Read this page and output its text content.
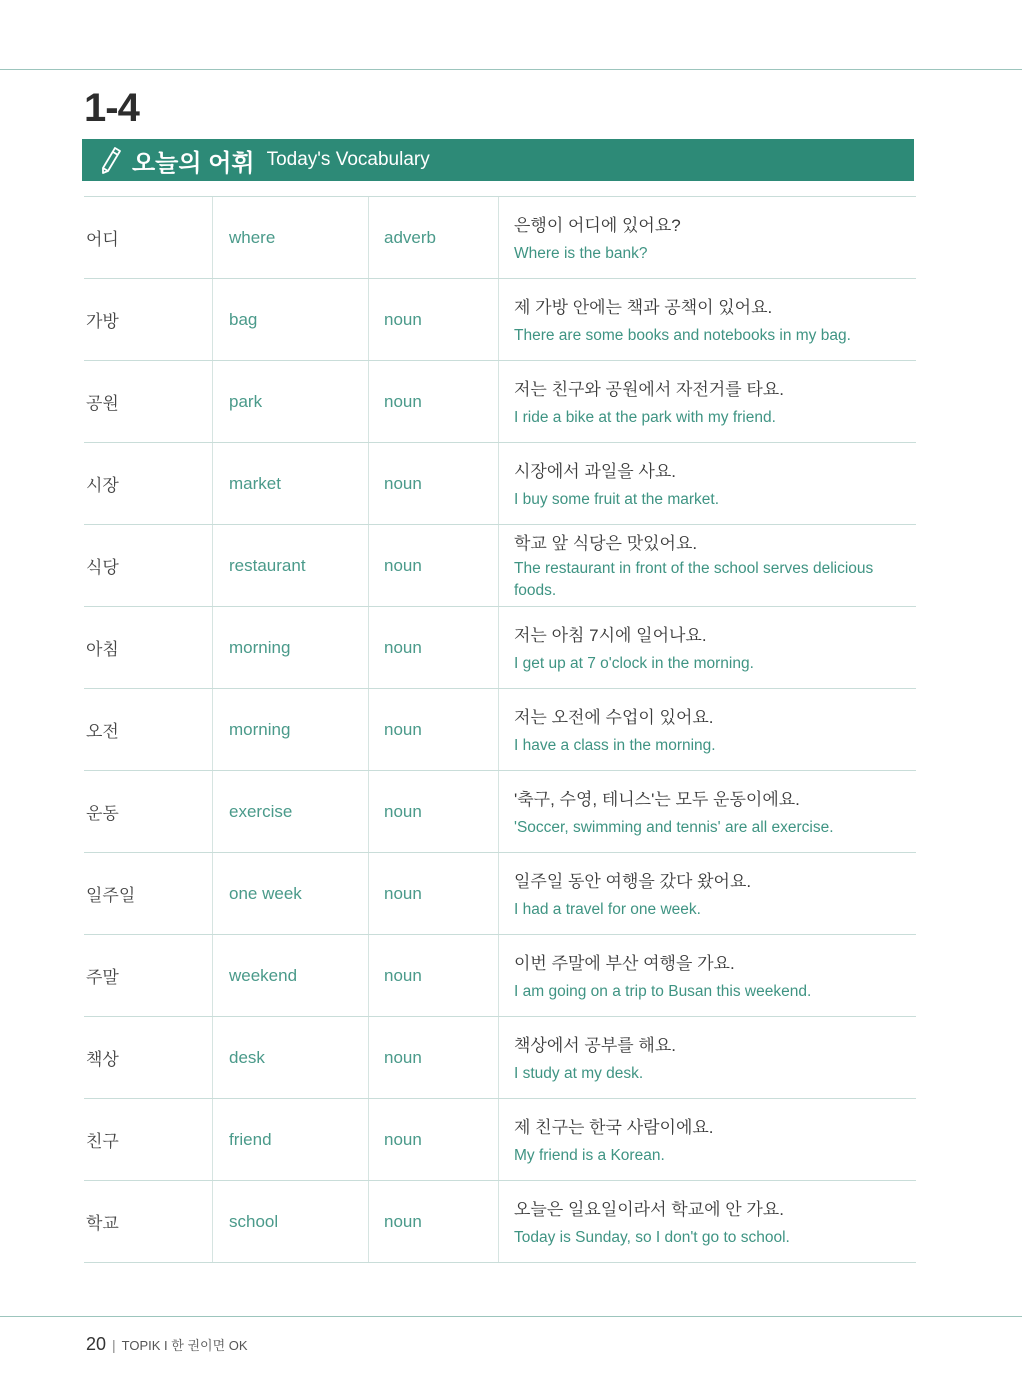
1-4
오늘의 어휘 Today's Vocabulary
어디	where	adverb
은행이 어디에 있어요?
Where is the bank?
가방	bag	noun
제 가방 안에는 책과 공책이 있어요.
There are some books and notebooks in my bag.
공원	park	noun
저는 친구와 공원에서 자전거를 타요.
I ride a bike at the park with my friend.
시장	market	noun
시장에서 과일을 사요.
I buy some fruit at the market.
식당	restaurant	noun
학교 앞 식당은 맛있어요.
The restaurant in front of the school serves delicious foods.
아침	morning	noun
저는 아침 7시에 일어나요.
I get up at 7 o'clock in the morning.
오전	morning	noun
저는 오전에 수업이 있어요.
I have a class in the morning.
운동	exercise	noun
'축구, 수영, 테니스'는 모두 운동이에요.
'Soccer, swimming and tennis' are all exercise.
일주일	one week	noun
일주일 동안 여행을 갔다 왔어요.
I had a travel for one week.
주말	weekend	noun
이번 주말에 부산 여행을 가요.
I am going on a trip to Busan this weekend.
책상	desk	noun
책상에서 공부를 해요.
I study at my desk.
친구	friend	noun
제 친구는 한국 사람이에요.
My friend is a Korean.
학교	school	noun
오늘은 일요일이라서 학교에 안 가요.
Today is Sunday, so I don't go to school.
20 | TOPIK I 한 권이면 OK
